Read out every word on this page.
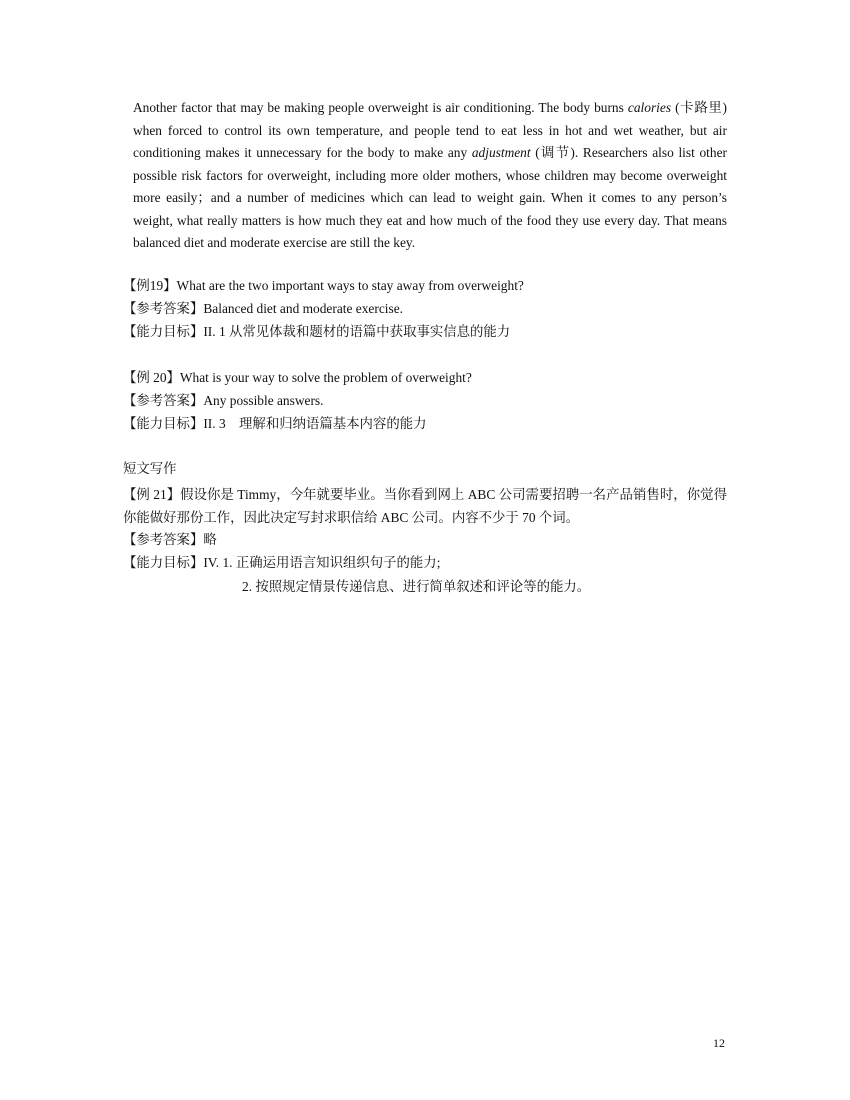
Another factor that may be making people overweight is air conditioning. The body burns calories (卡路里) when forced to control its own temperature, and people tend to eat less in hot and wet weather, but air conditioning makes it unnecessary for the body to make any adjustment (调节). Researchers also list other possible risk factors for overweight, including more older mothers, whose children may become overweight more easily；and a number of medicines which can lead to weight gain. When it comes to any person’s weight, what really matters is how much they eat and how much of the food they use every day. That means balanced diet and moderate exercise are still the key.

【例19】What are the two important ways to stay away from overweight?

【参考答案】Balanced diet and moderate exercise.

【能力目标】II. 1 从常见体裁和题材的语篇中获取事实信息的能力

【例 20】What is your way to solve the problem of overweight?

【参考答案】Any possible answers.

【能力目标】II. 3　理解和归纳语篇基本内容的能力

短文写作

【例 21】假设你是 Timmy，今年就要毕业。当你看到网上 ABC 公司需要招聘一名产品销售时，你觉得你能做好那份工作，因此决定写封求职信给 ABC 公司。内容不少于 70 个词。

【参考答案】略

【能力目标】IV. 1. 正确运用语言知识组织句子的能力;

2. 按照规定情景传递信息、进行简单叙述和评论等的能力。

12
